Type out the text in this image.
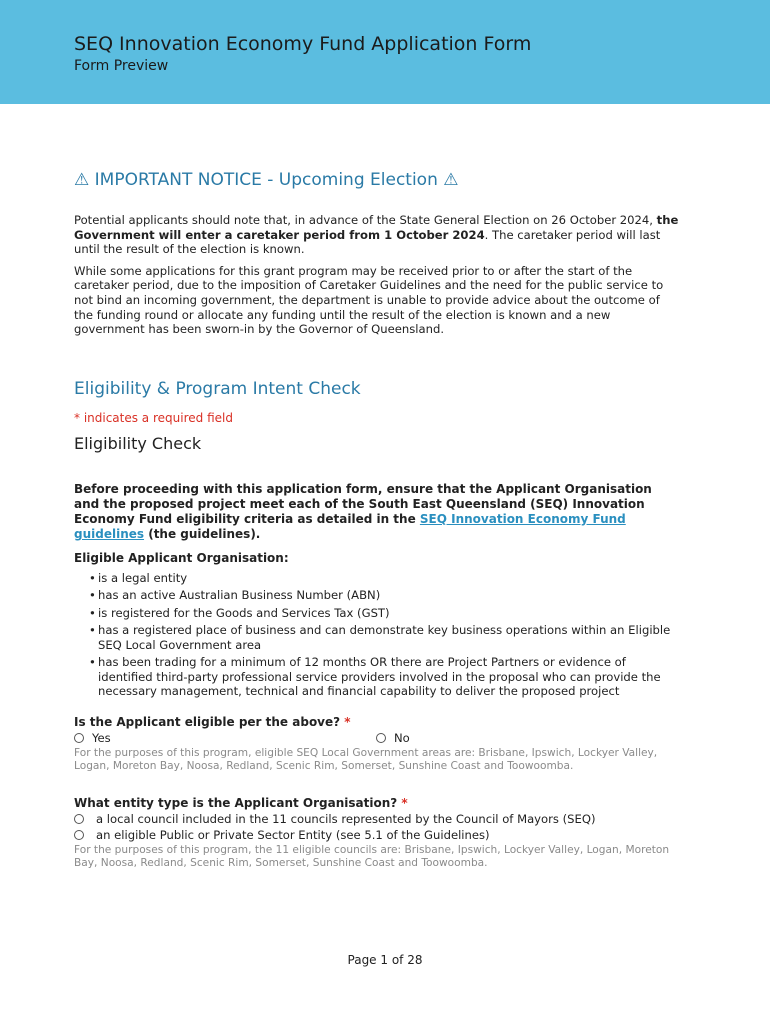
SEQ Innovation Economy Fund Application Form
Form Preview
⚠ IMPORTANT NOTICE - Upcoming Election ⚠

Potential applicants should note that, in advance of the State General Election on 26 October 2024, the Government will enter a caretaker period from 1 October 2024. The caretaker period will last until the result of the election is known.

While some applications for this grant program may be received prior to or after the start of the caretaker period, due to the imposition of Caretaker Guidelines and the need for the public service to not bind an incoming government, the department is unable to provide advice about the outcome of the funding round or allocate any funding until the result of the election is known and a new government has been sworn-in by the Governor of Queensland.

Eligibility & Program Intent Check
* indicates a required field
Eligibility Check

Before proceeding with this application form, ensure that the Applicant Organisation and the proposed project meet each of the South East Queensland (SEQ) Innovation Economy Fund eligibility criteria as detailed in the SEQ Innovation Economy Fund guidelines (the guidelines).

Eligible Applicant Organisation:
• is a legal entity
• has an active Australian Business Number (ABN)
• is registered for the Goods and Services Tax (GST)
• has a registered place of business and can demonstrate key business operations within an Eligible SEQ Local Government area
• has been trading for a minimum of 12 months OR there are Project Partners or evidence of identified third-party professional service providers involved in the proposal who can provide the necessary management, technical and financial capability to deliver the proposed project
Is the Applicant eligible per the above? *
Yes	No
For the purposes of this program, eligible SEQ Local Government areas are: Brisbane, Ipswich, Lockyer Valley, Logan, Moreton Bay, Noosa, Redland, Scenic Rim, Somerset, Sunshine Coast and Toowoomba.
What entity type is the Applicant Organisation? *
a local council included in the 11 councils represented by the Council of Mayors (SEQ)
an eligible Public or Private Sector Entity (see 5.1 of the Guidelines)
For the purposes of this program, the 11 eligible councils are: Brisbane, Ipswich, Lockyer Valley, Logan, Moreton Bay, Noosa, Redland, Scenic Rim, Somerset, Sunshine Coast and Toowoomba.
Page 1 of 28
